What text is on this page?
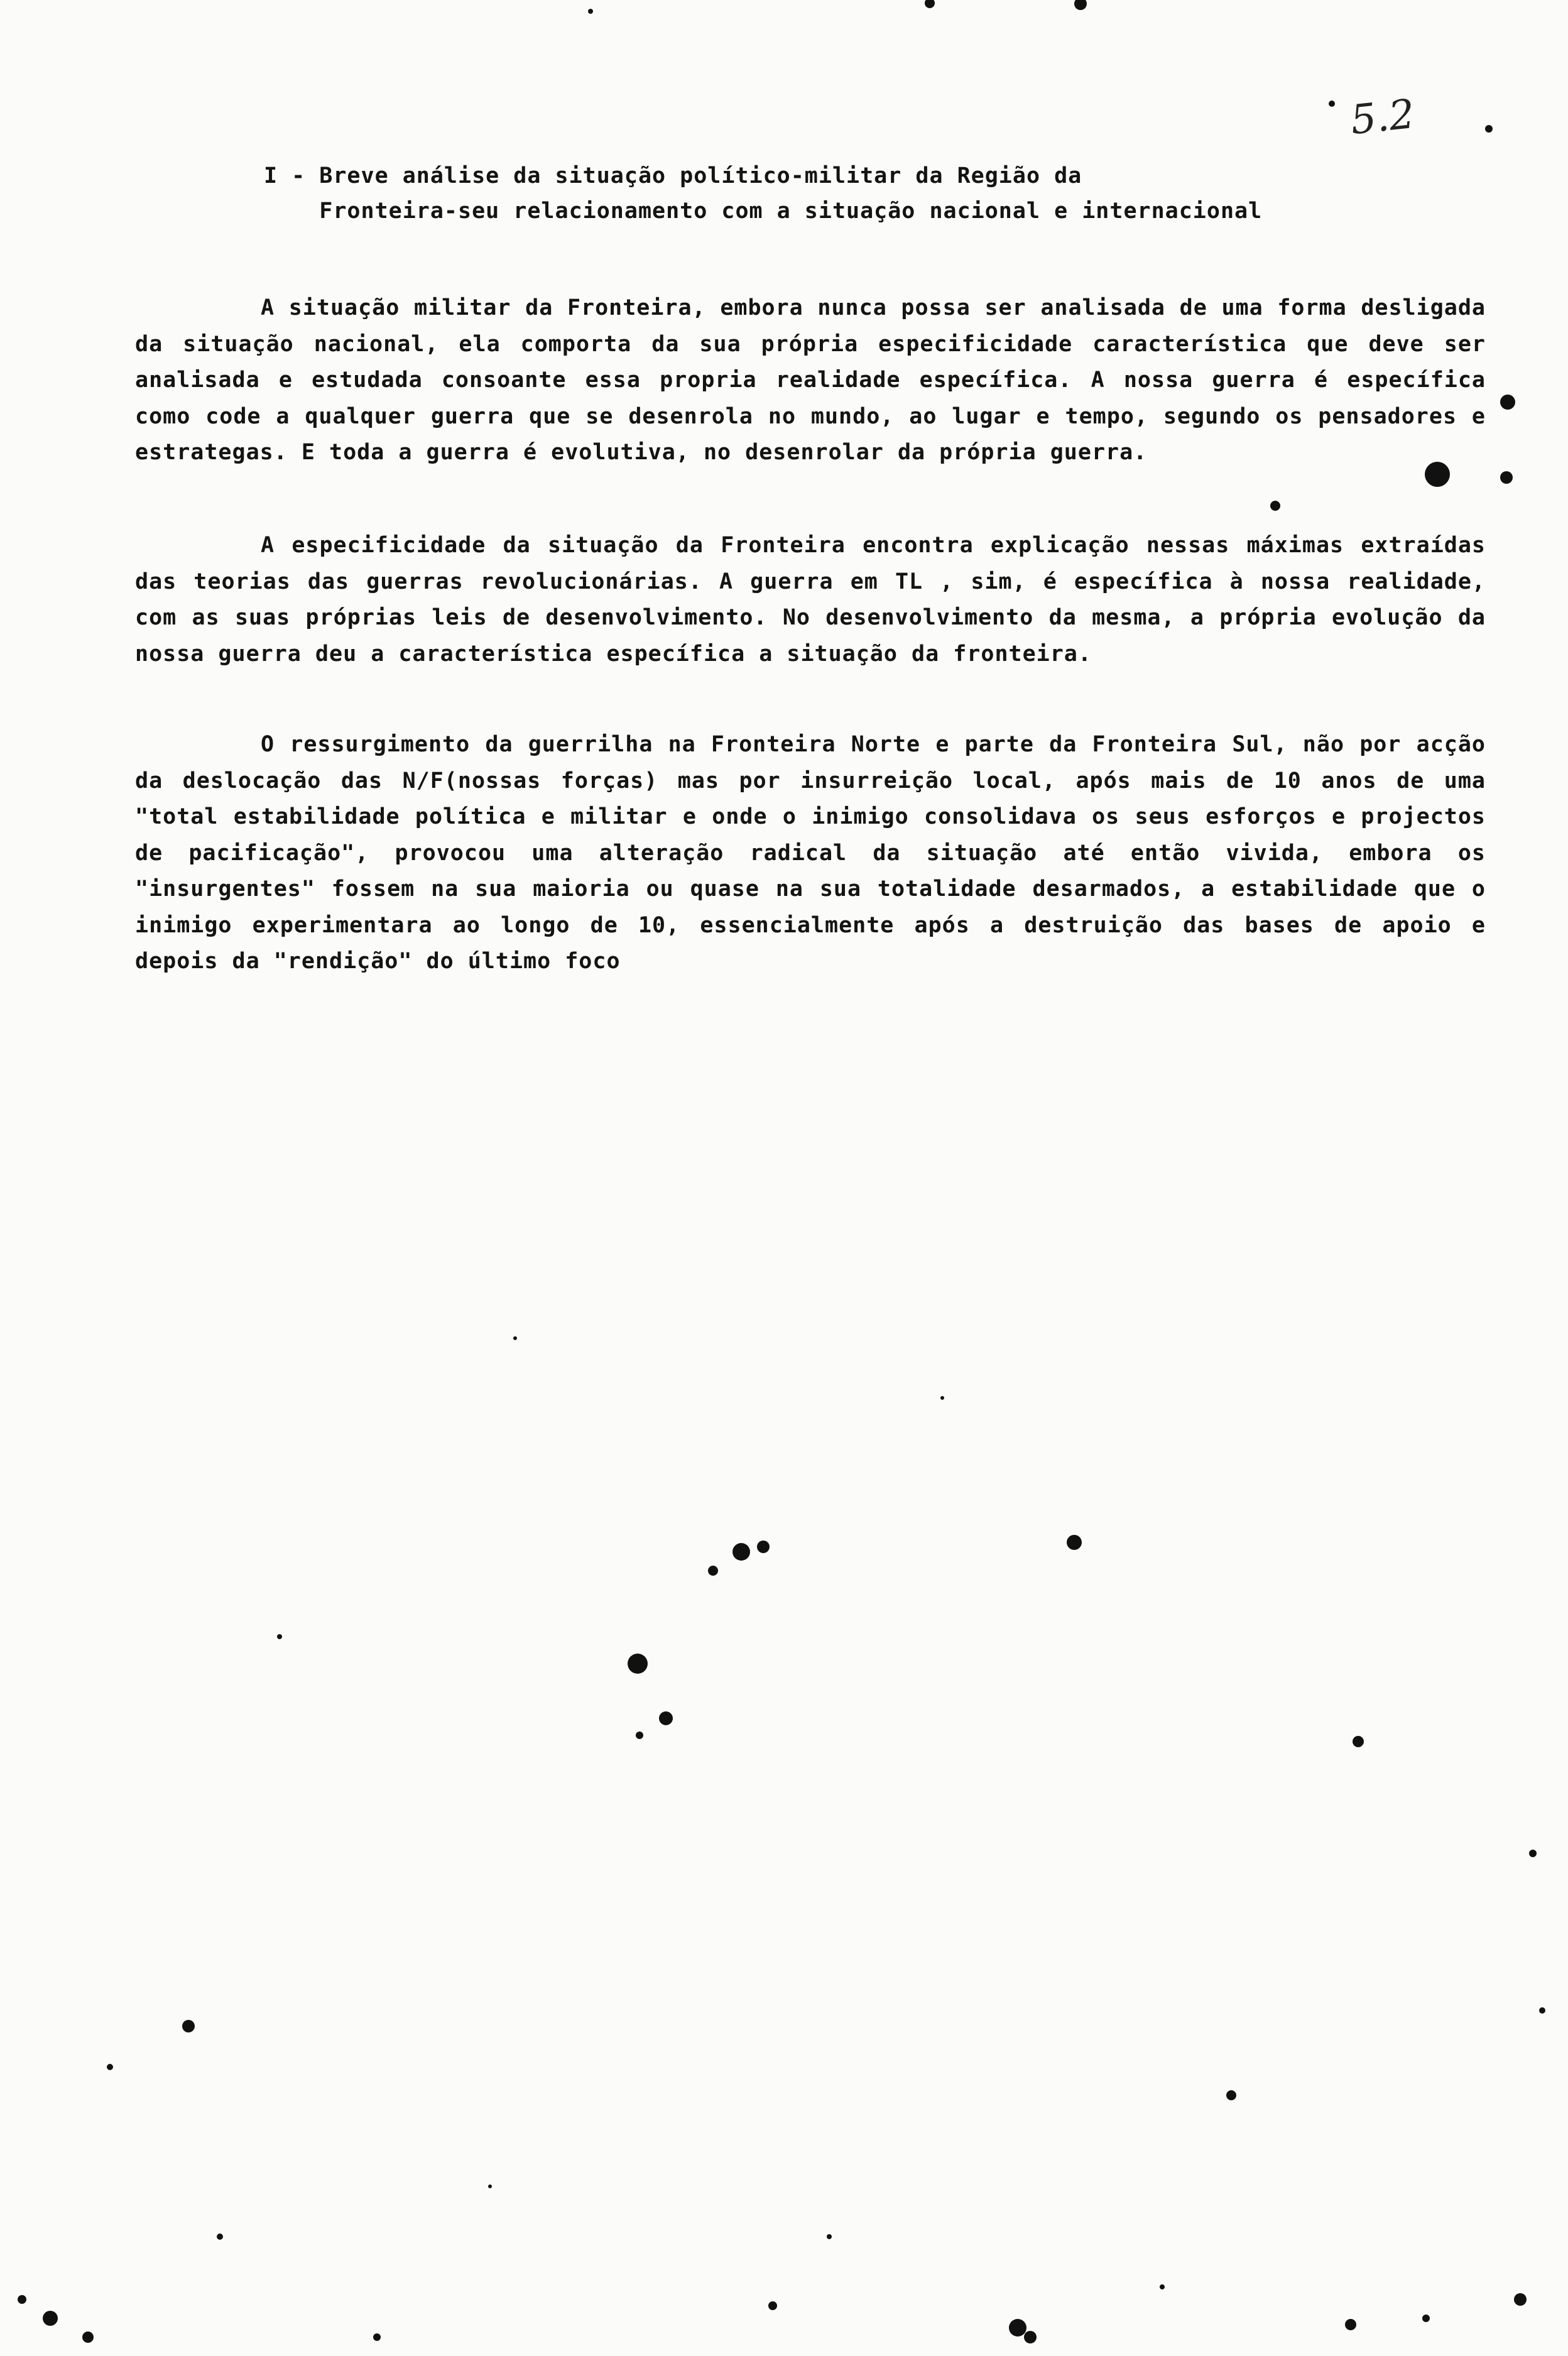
5.2
I - Breve análise da situação político-militar da Região da
Fronteira-seu relacionamento com a situação nacional e internacional
A situação militar da Fronteira, embora nunca possa ser analisada de uma forma desligada da situação nacional, ela comporta da sua própria especificidade característica que deve ser analisada e estudada consoante essa propria realidade específica. A nossa guerra é específica como code a qualquer guerra que se desenrola no mundo, ao lugar e tempo, segundo os pensadores e estrategas. E toda a guerra é evolutiva, no desenrolar da própria guerra.
A especificidade da situação da Fronteira encontra explicação nessas máximas extraídas das teorias das guerras revolucionárias. A guerra em TL , sim, é específica à nossa realidade, com as suas próprias leis de desenvolvimento. No desenvolvimento da mesma, a própria evolução da nossa guerra deu a característica específica a situação da fronteira.
O ressurgimento da guerrilha na Fronteira Norte e parte da Fronteira Sul, não por acção da deslocação das N/F(nossas forças) mas por insurreição local, após mais de 10 anos de uma "total estabilidade política e militar e onde o inimigo consolidava os seus esforços e projectos de pacificação", provocou uma alteração radical da situação até então vivida, embora os "insurgentes" fossem na sua maioria ou quase na sua totalidade desarmados, a estabilidade que o inimigo experimentara ao longo de 10, essencialmente após a destruição das bases de apoio e depois da "rendição" do último foco
